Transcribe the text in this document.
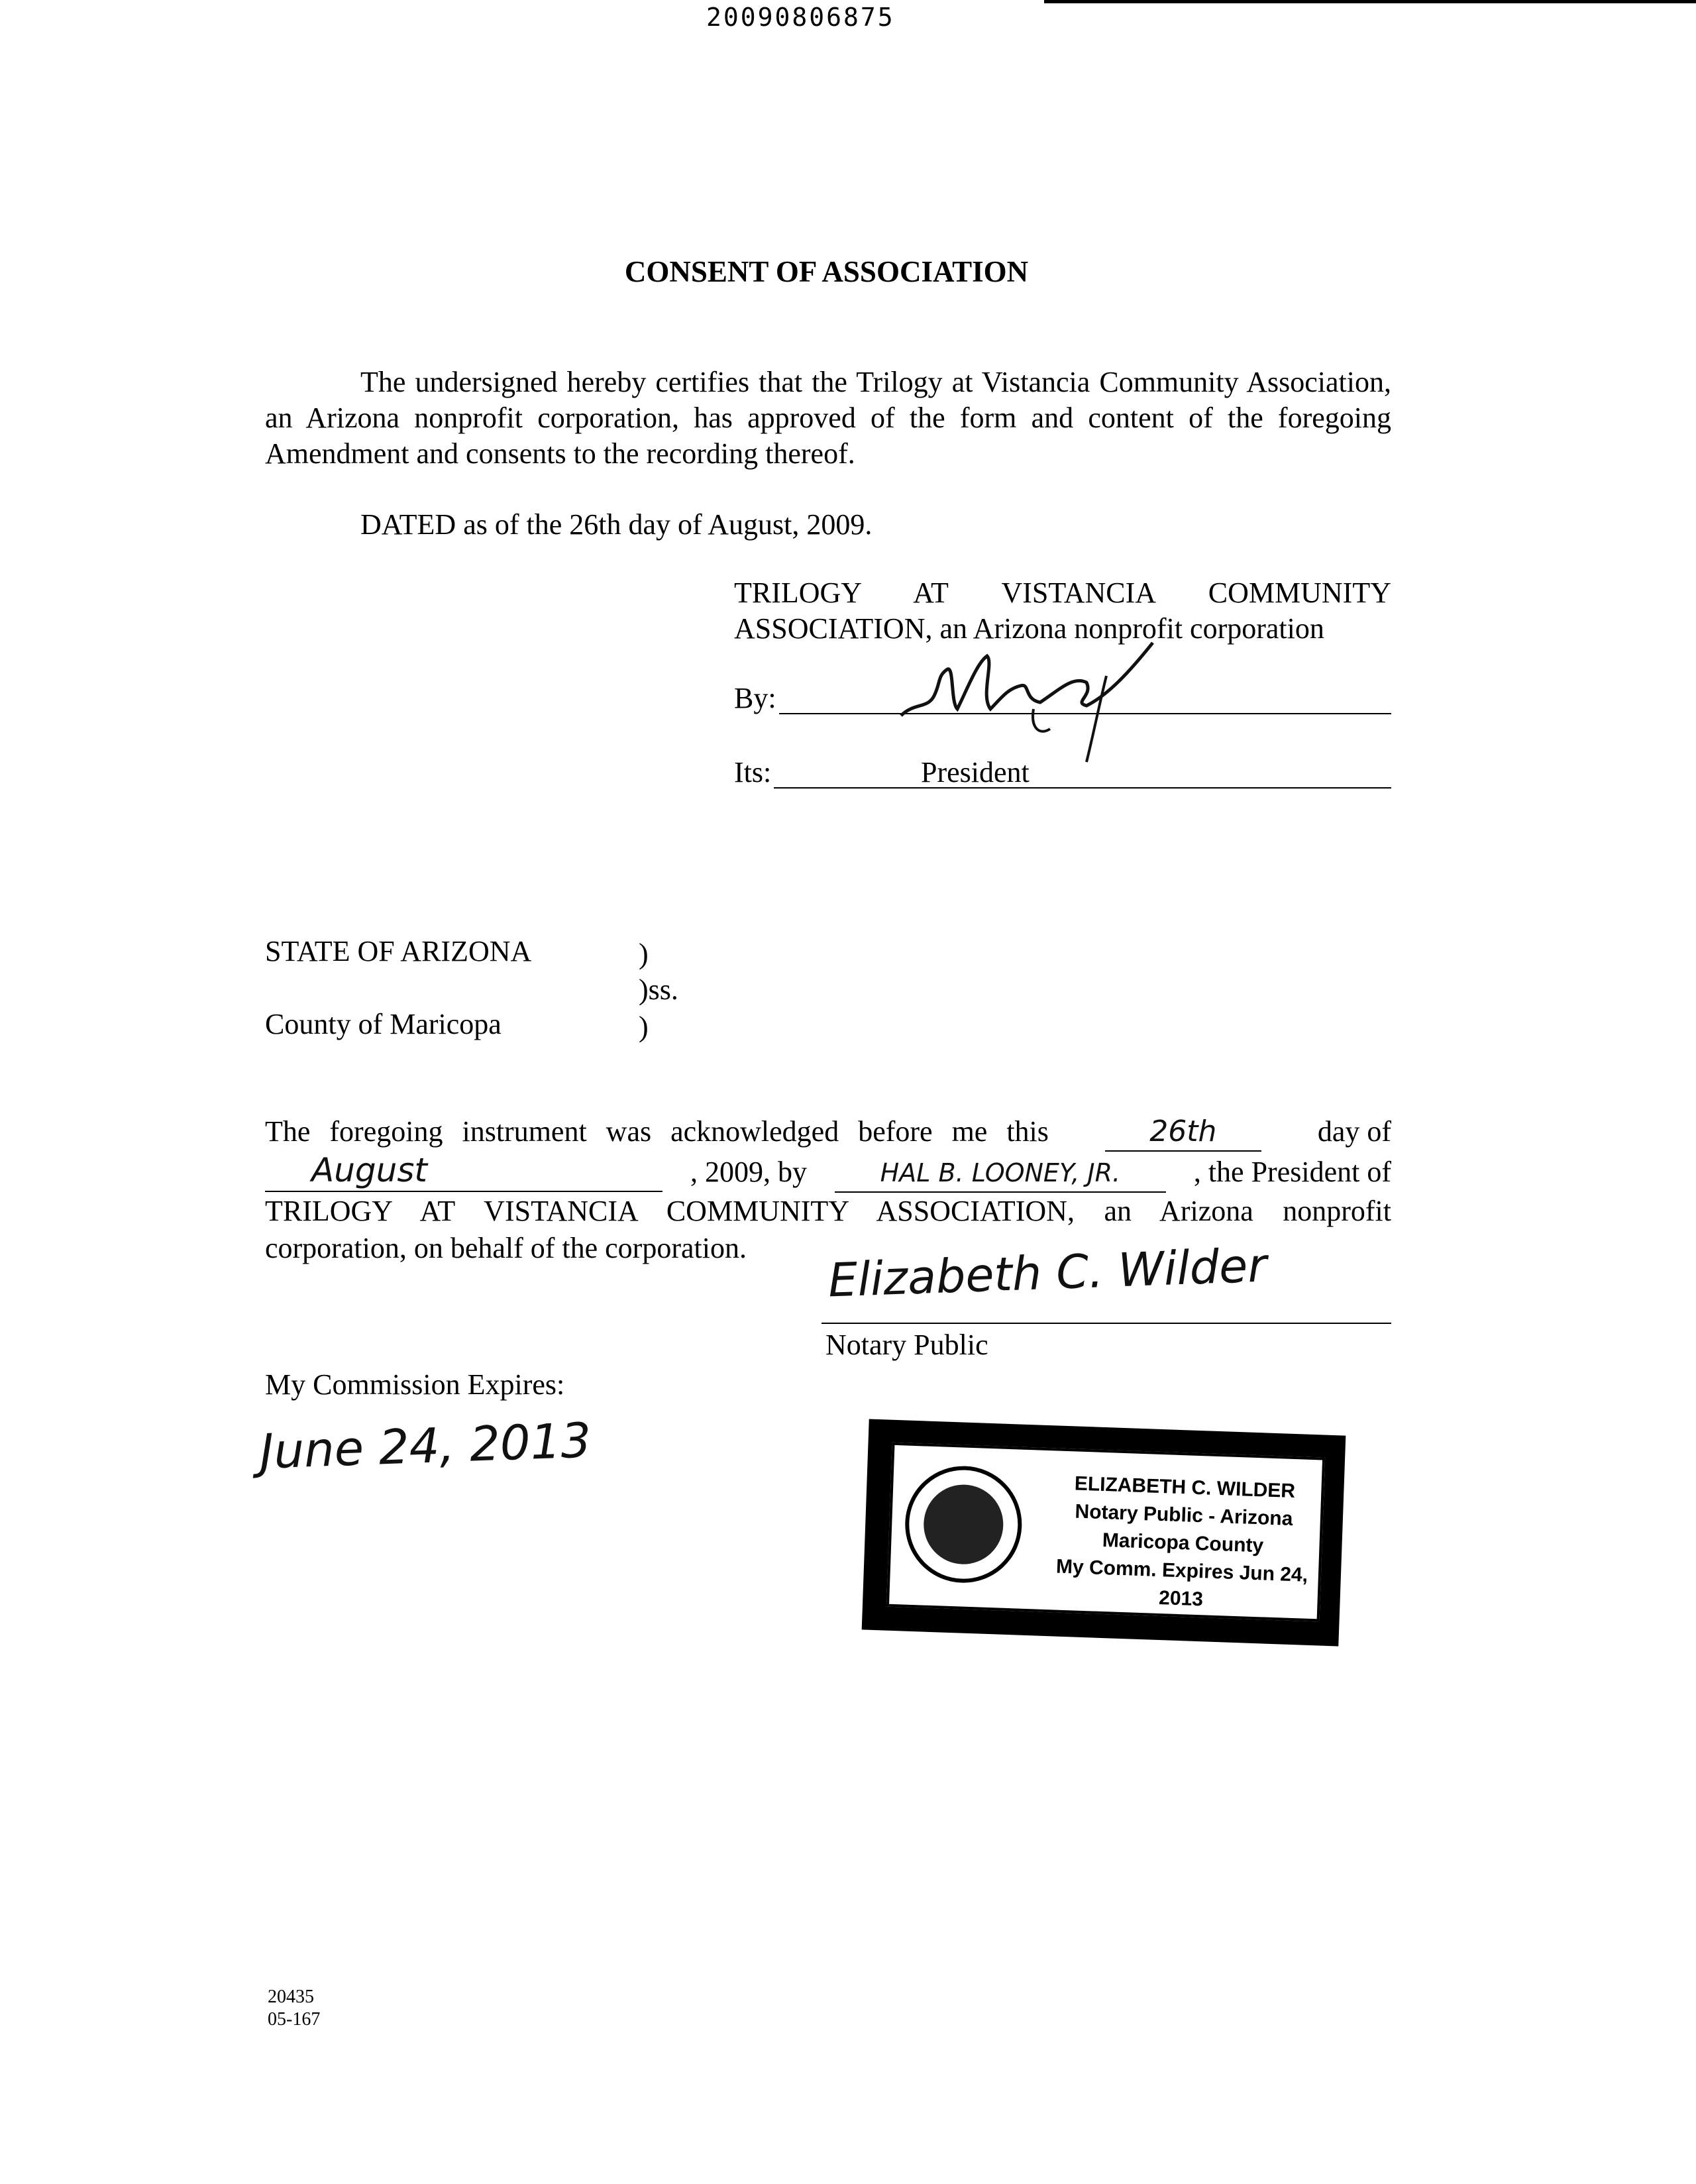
20090806875
CONSENT OF ASSOCIATION
The undersigned hereby certifies that the Trilogy at Vistancia Community Association, an Arizona nonprofit corporation, has approved of the form and content of the foregoing Amendment and consents to the recording thereof.
DATED as of the 26th day of August, 2009.
TRILOGY AT VISTANCIA COMMUNITY
ASSOCIATION, an Arizona nonprofit corporation
By:
Its:	President
STATE OF ARIZONA	)
)ss.
County of Maricopa	)
The foregoing instrument was acknowledged before me this	26th	day of
August	, 2009, by	HAL B. LOONEY, JR.	, the President of
TRILOGY AT VISTANCIA COMMUNITY ASSOCIATION, an Arizona nonprofit
corporation, on behalf of the corporation.	Elizabeth C. Wilder
Notary Public
My Commission Expires:
June 24, 2013
ELIZABETH C. WILDER
Notary Public - Arizona
Maricopa County
My Comm. Expires Jun 24, 2013
20435
05-167
